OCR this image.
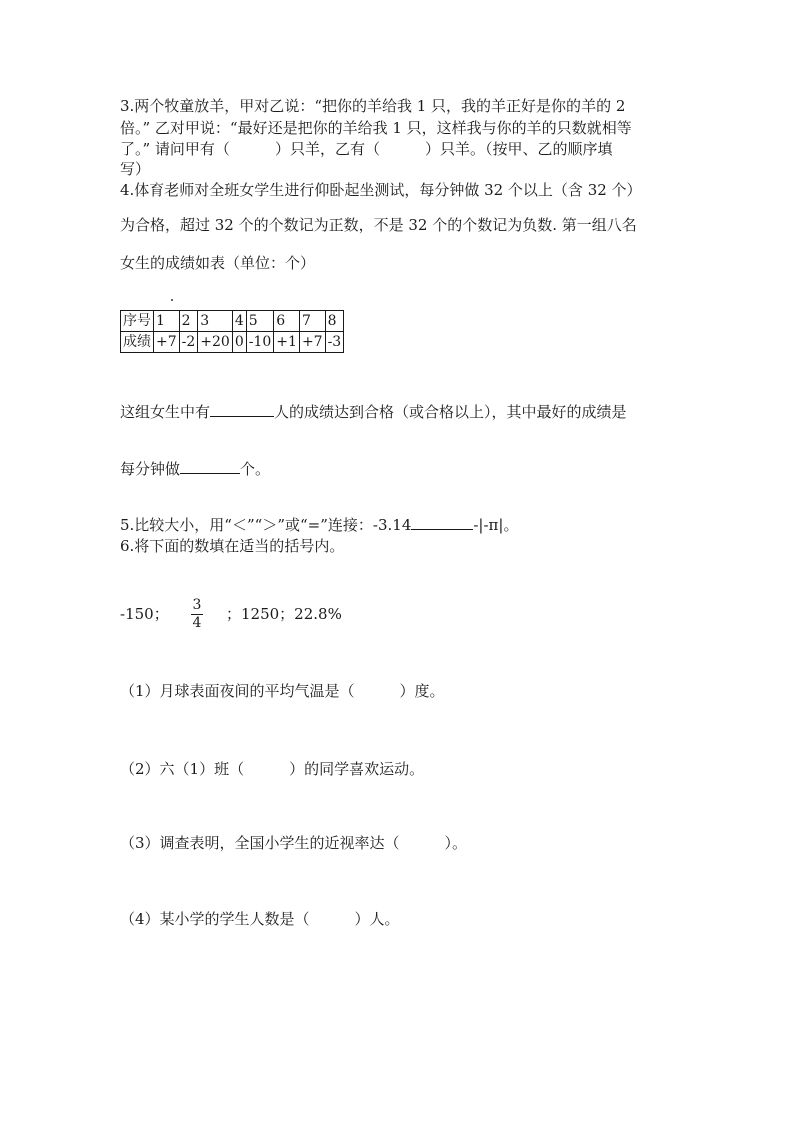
3.两个牧童放羊，甲对乙说：“把你的羊给我 1 只，我的羊正好是你的羊的 2
倍。” 乙对甲说：“最好还是把你的羊给我 1 只，这样我与你的羊的只数就相等
了。” 请问甲有（　　　）只羊，乙有（　　　）只羊。（按甲、乙的顺序填
写）
4.体育老师对全班女学生进行仰卧起坐测试，每分钟做 32 个以上（含 32 个）
为合格，超过 32 个的个数记为正数，不是 32 个的个数记为负数. 第一组八名
女生的成绩如表（单位：个）
序号	1	2	3	4	5	6	7	8
成绩	+7	-2	+20	0	-10	+1	+7	-3
这组女生中有	人的成绩达到合格（或合格以上），其中最好的成绩是
每分钟做	个。
5.比较大小，用“＜”“＞”或“=”连接：-3.14	-|-π|。
6.将下面的数填在适当的括号内。
-150； 3
4 ；1250；22.8%
（1）月球表面夜间的平均气温是（　　　）度。
（2）六（1）班（　　　）的同学喜欢运动。
（3）调查表明，全国小学生的近视率达（　　　）。
（4）某小学的学生人数是（　　　）人。
